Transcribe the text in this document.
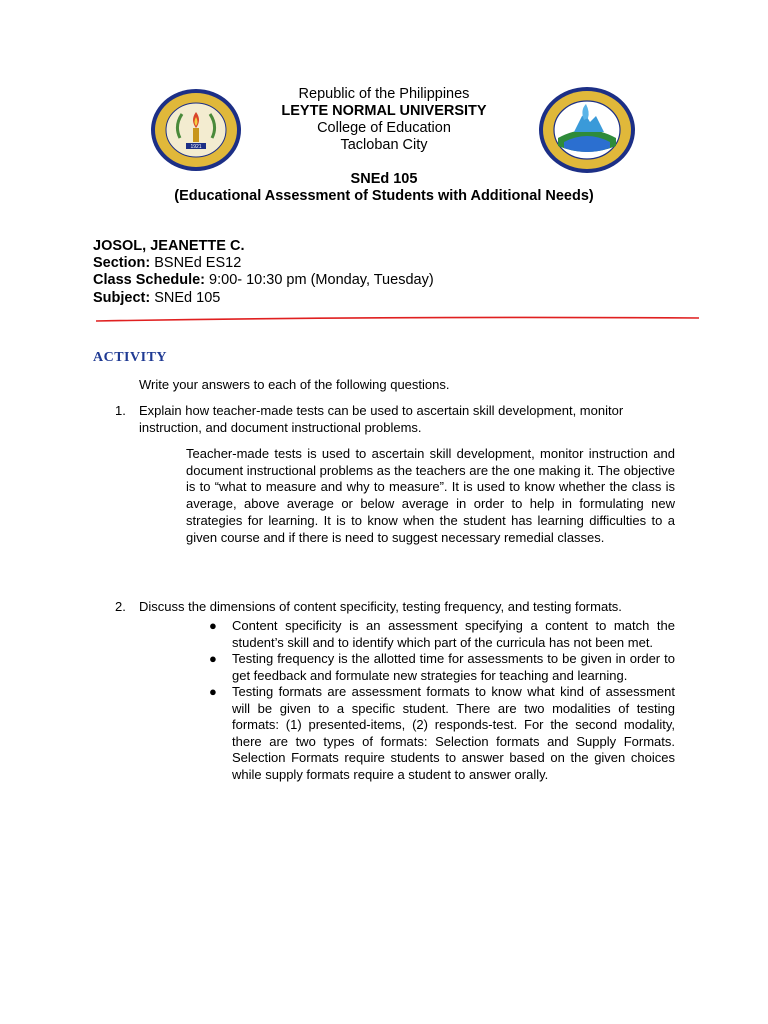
1921
Republic of the Philippines
LEYTE NORMAL UNIVERSITY
College of Education
Tacloban City
SNEd 105
(Educational Assessment of Students with Additional Needs)
JOSOL, JEANETTE C.
Section: BSNEd ES12
Class Schedule: 9:00- 10:30 pm (Monday, Tuesday)
Subject: SNEd 105
ACTIVITY
Write your answers to each of the following questions.
1. Explain how teacher-made tests can be used to ascertain skill development, monitor
instruction, and document instructional problems.
Teacher-made tests is used to ascertain skill development, monitor instruction and document instructional problems as the teachers are the one making it. The objective is to “what to measure and why to measure”. It is used to know whether the class is average, above average or below average in order to help in formulating new strategies for learning. It is to know when the student has learning difficulties to a given course and if there is need to suggest necessary remedial classes.
2. Discuss the dimensions of content specificity, testing frequency, and testing formats.
● Content specificity is an assessment specifying a content to match the student’s skill and to identify which part of the curricula has not been met.
● Testing frequency is the allotted time for assessments to be given in order to get feedback and formulate new strategies for teaching and learning.
● Testing formats are assessment formats to know what kind of assessment will be given to a specific student. There are two modalities of testing formats: (1) presented-items, (2) responds-test. For the second modality, there are two types of formats: Selection formats and Supply Formats. Selection Formats require students to answer based on the given choices while supply formats require a student to answer orally.
